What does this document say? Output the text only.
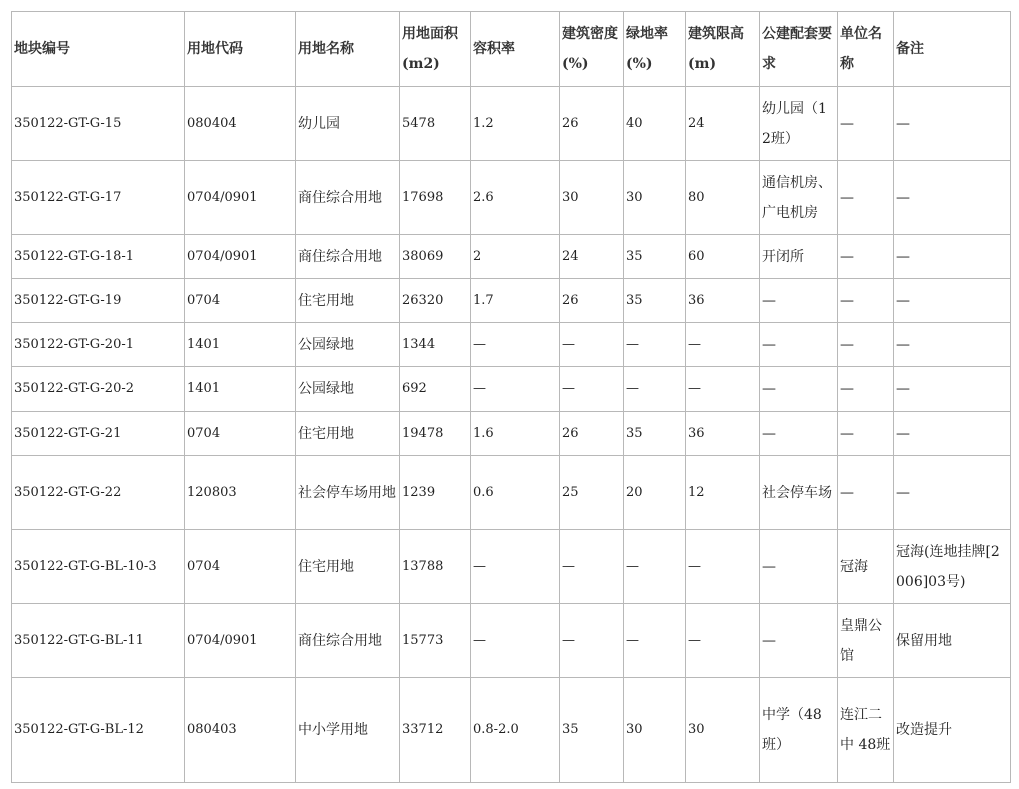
地块编号	用地代码	用地名称	用地面积(m2)	容积率	建筑密度(%)	绿地率(%)	建筑限高(m)	公建配套要求	单位名称	备注
350122-GT-G-15	080404	幼儿园	5478	1.2	26	40	24	幼儿园（12班）	—	—
350122-GT-G-17	0704/0901	商住综合用地	17698	2.6	30	30	80	通信机房、广电机房	—	—
350122-GT-G-18-1	0704/0901	商住综合用地	38069	2	24	35	60	开闭所	—	—
350122-GT-G-19	0704	住宅用地	26320	1.7	26	35	36	—	—	—
350122-GT-G-20-1	1401	公园绿地	1344	—	—	—	—	—	—	—
350122-GT-G-20-2	1401	公园绿地	692	—	—	—	—	—	—	—
350122-GT-G-21	0704	住宅用地	19478	1.6	26	35	36	—	—	—
350122-GT-G-22	120803	社会停车场用地	1239	0.6	25	20	12	社会停车场	—	—
350122-GT-G-BL-10-3	0704	住宅用地	13788	—	—	—	—	—	冠海	冠海(连地挂牌[2006]03号)
350122-GT-G-BL-11	0704/0901	商住综合用地	15773	—	—	—	—	—	皇鼎公馆	保留用地
350122-GT-G-BL-12	080403	中小学用地	33712	0.8-2.0	35	30	30	中学（48班）	连江二中 48班	改造提升
